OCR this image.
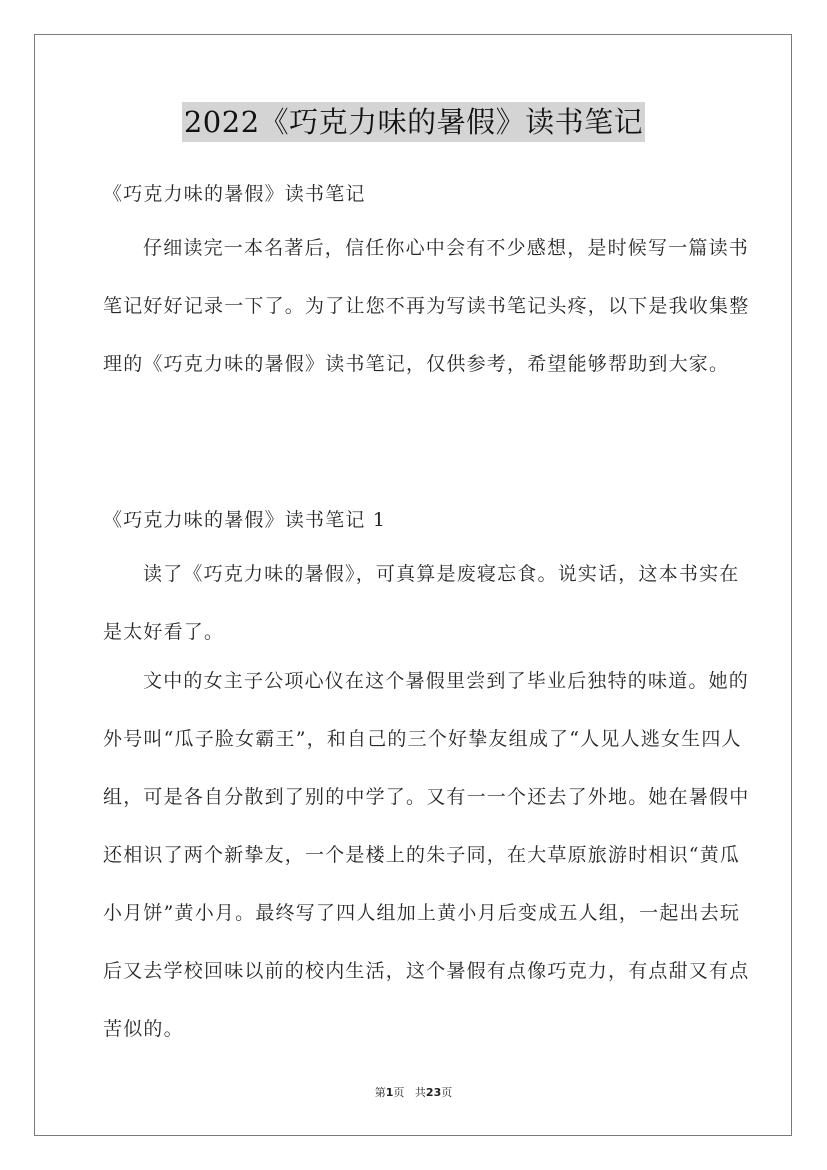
2022《巧克力味的暑假》读书笔记
《巧克力味的暑假》读书笔记

仔细读完一本名著后，信任你心中会有不少感想，是时候写一篇读书笔记好好记录一下了。为了让您不再为写读书笔记头疼，以下是我收集整理的《巧克力味的暑假》读书笔记，仅供参考，希望能够帮助到大家。

《巧克力味的暑假》读书笔记 1

读了《巧克力味的暑假》，可真算是废寝忘食。说实话，这本书实在是太好看了。

文中的女主子公项心仪在这个暑假里尝到了毕业后独特的味道。她的外号叫“瓜子脸女霸王”，和自己的三个好挚友组成了“人见人逃女生四人组，可是各自分散到了别的中学了。又有一一个还去了外地。她在暑假中还相识了两个新挚友，一个是楼上的朱子同，在大草原旅游时相识“黄瓜小月饼”黄小月。最终写了四人组加上黄小月后变成五人组，一起出去玩后又去学校回味以前的校内生活，这个暑假有点像巧克力，有点甜又有点苦似的。

第1页 共23页
